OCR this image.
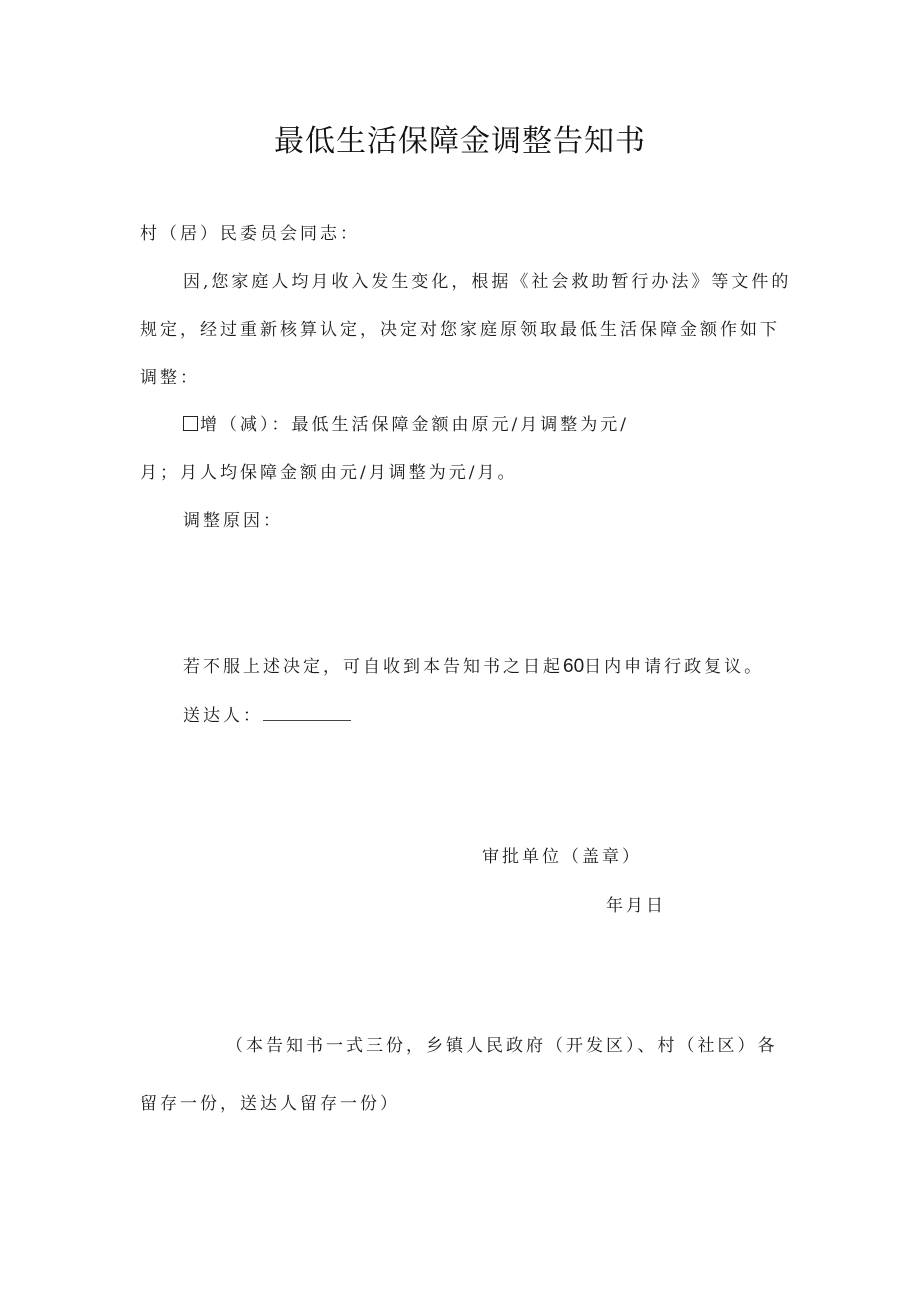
最低生活保障金调整告知书
村（居）民委员会同志：
因,您家庭人均月收入发生变化，根据《社会救助暂行办法》等文件的
规定，经过重新核算认定，决定对您家庭原领取最低生活保障金额作如下
调整：
增（减）：最低生活保障金额由原元/月调整为元/
月；月人均保障金额由元/月调整为元/月。
调整原因：
若不服上述决定，可自收到本告知书之日起60日内申请行政复议。
送达人：
审批单位（盖章）
年月日
（本告知书一式三份，乡镇人民政府（开发区）、村（社区）各
留存一份，送达人留存一份）
